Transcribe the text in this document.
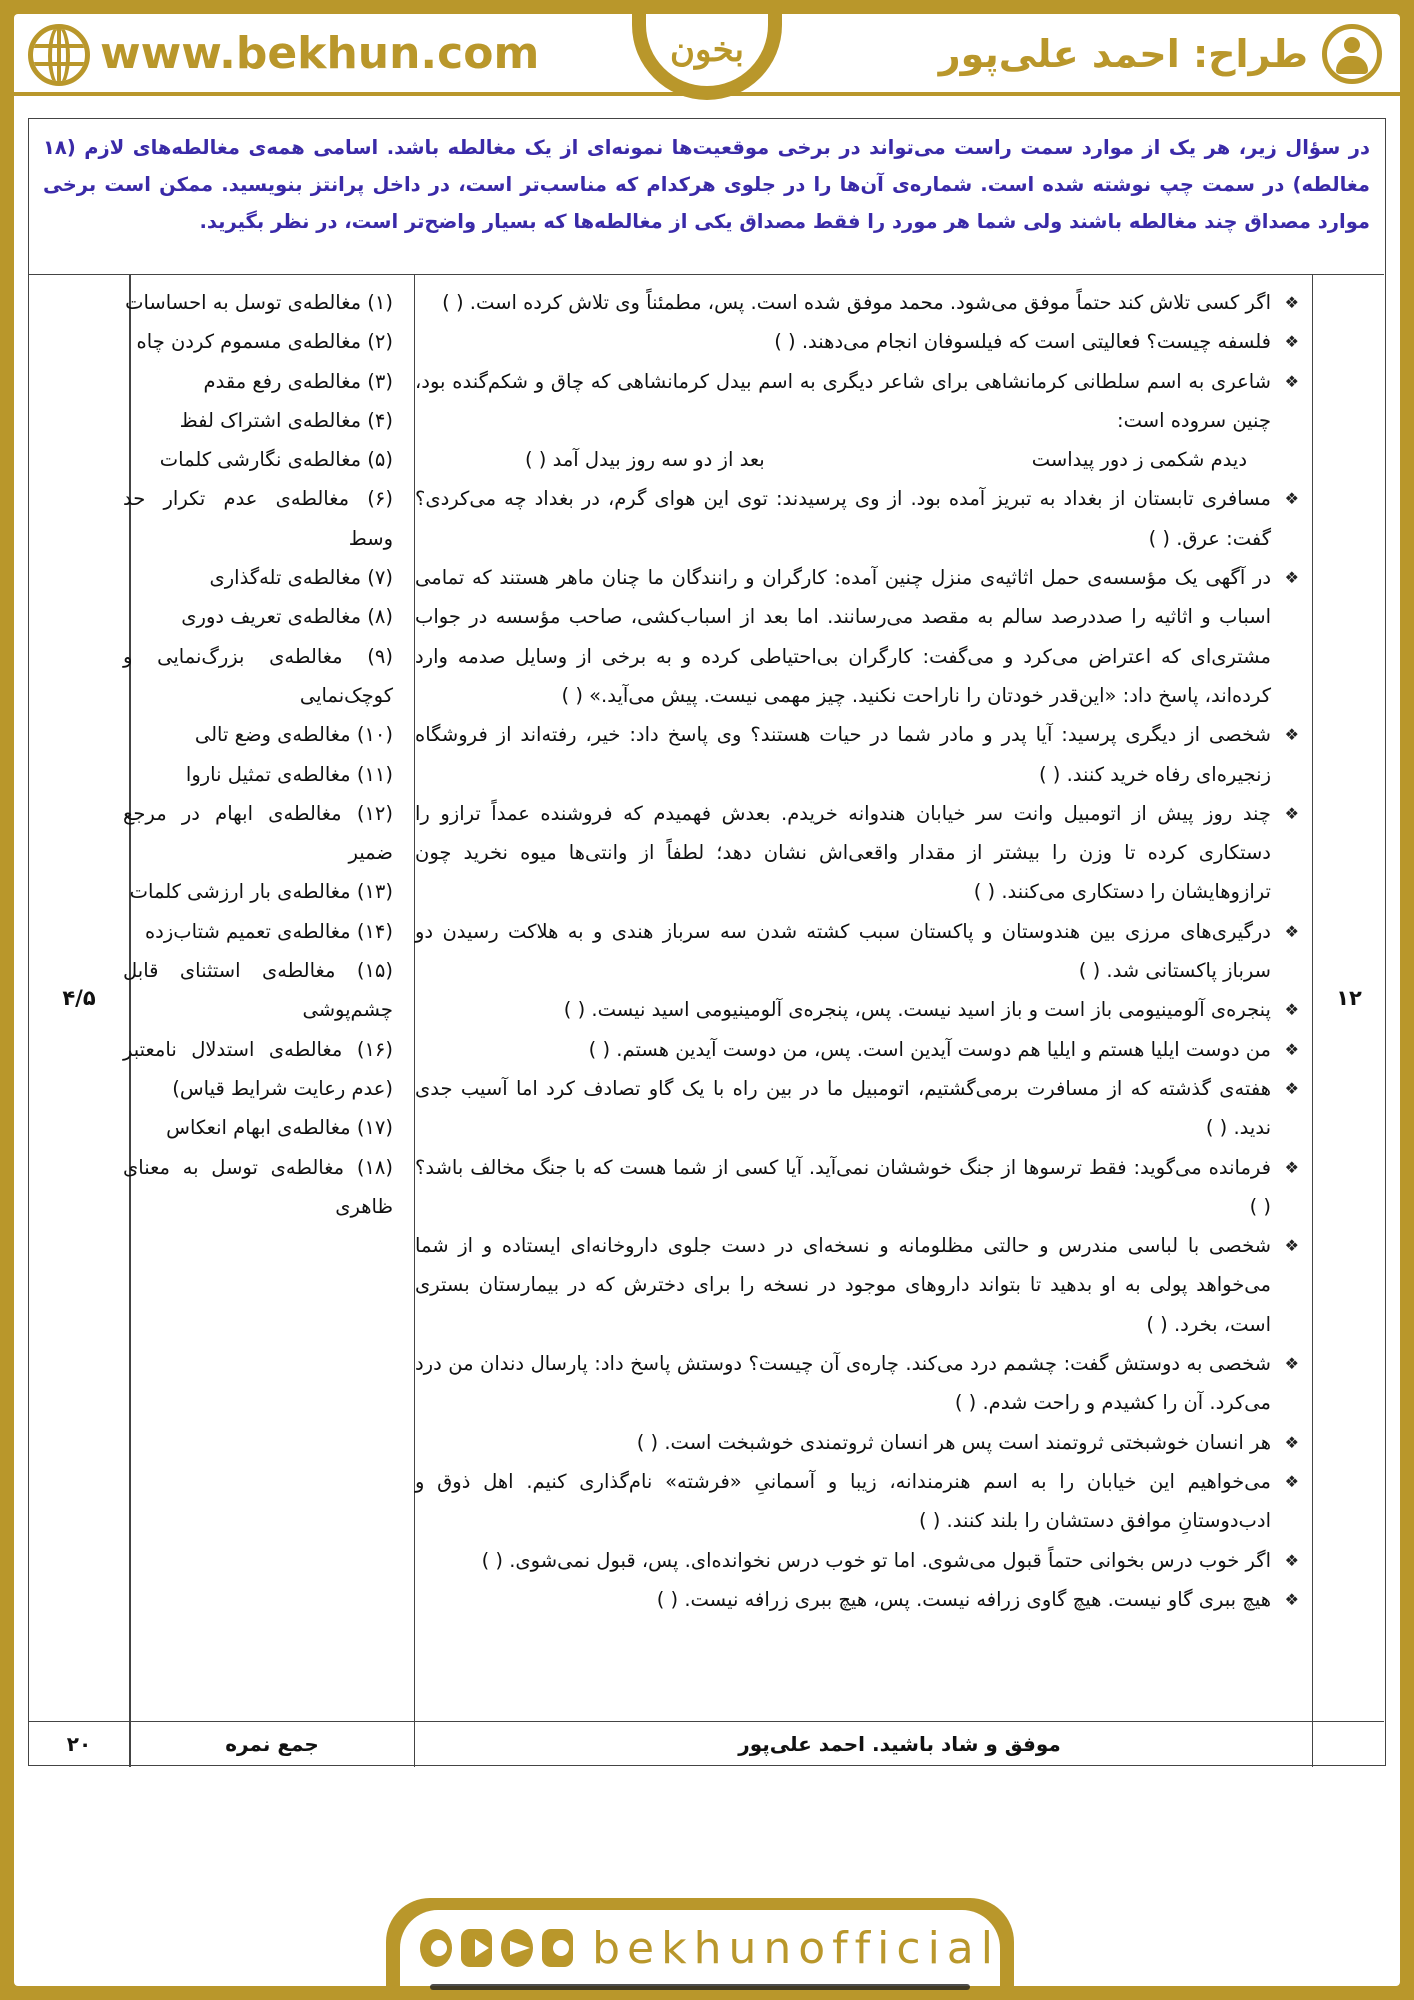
طراح: احمد علی‌پور
بخون
www.bekhun.com
در سؤال زیر، هر یک از موارد سمت راست می‌تواند در برخی موقعیت‌ها نمونه‌ای از یک مغالطه باشد. اسامی همه‌ی مغالطه‌های لازم (۱۸ مغالطه) در سمت چپ نوشته شده است. شماره‌ی آن‌ها را در جلوی هرکدام که مناسب‌تر است، در داخل پرانتز بنویسید. ممکن است برخی موارد مصداق چند مغالطه باشند ولی شما هر مورد را فقط مصداق یکی از مغالطه‌ها که بسیار واضح‌تر است، در نظر بگیرید.
۱۲
۴/۵
❖
اگر کسی تلاش کند حتماً موفق می‌شود. محمد موفق شده است. پس، مطمئناً وی تلاش کرده است. ( )
❖
فلسفه چیست؟ فعالیتی است که فیلسوفان انجام می‌دهند. ( )
❖
شاعری به اسم سلطانی کرمانشاهی برای شاعر دیگری به اسم بیدل کرمانشاهی که چاق و شکم‌گنده بود، چنین سروده است:
دیدم شکمی ز دور پیداست
بعد از دو سه روز بیدل آمد ( )
❖
مسافری تابستان از بغداد به تبریز آمده بود. از وی پرسیدند: توی این هوای گرم، در بغداد چه می‌کردی؟ گفت: عرق. ( )
❖
در آگهی یک مؤسسه‌ی حمل اثاثیه‌ی منزل چنین آمده: کارگران و رانندگان ما چنان ماهر هستند که تمامی اسباب و اثاثیه را صددرصد سالم به مقصد می‌رسانند. اما بعد از اسباب‌کشی، صاحب مؤسسه در جواب مشتری‌ای که اعتراض می‌کرد و می‌گفت: کارگران بی‌احتیاطی کرده و به برخی از وسایل صدمه وارد کرده‌اند، پاسخ داد: «این‌قدر خودتان را ناراحت نکنید. چیز مهمی نیست. پیش می‌آید.» ( )
❖
شخصی از دیگری پرسید: آیا پدر و مادر شما در حیات هستند؟ وی پاسخ داد: خیر، رفته‌اند از فروشگاه زنجیره‌ای رفاه خرید کنند. ( )
❖
چند روز پیش از اتومبیل وانت سر خیابان هندوانه خریدم. بعدش فهمیدم که فروشنده عمداً ترازو را دستکاری کرده تا وزن را بیشتر از مقدار واقعی‌اش نشان دهد؛ لطفاً از وانتی‌ها میوه نخرید چون ترازوهایشان را دستکاری می‌کنند. ( )
❖
درگیری‌های مرزی بین هندوستان و پاکستان سبب کشته شدن سه سرباز هندی و به هلاکت رسیدن دو سرباز پاکستانی شد. ( )
❖
پنجره‌ی آلومینیومی باز است و باز اسید نیست. پس، پنجره‌ی آلومینیومی اسید نیست. ( )
❖
من دوست ایلیا هستم و ایلیا هم دوست آیدین است. پس، من دوست آیدین هستم. ( )
❖
هفته‌ی گذشته که از مسافرت برمی‌گشتیم، اتومبیل ما در بین راه با یک گاو تصادف کرد اما آسیب جدی ندید. ( )
❖
فرمانده می‌گوید: فقط ترسوها از جنگ خوششان نمی‌آید. آیا کسی از شما هست که با جنگ مخالف باشد؟ ( )
❖
شخصی با لباسی مندرس و حالتی مظلومانه و نسخه‌ای در دست جلوی داروخانه‌ای ایستاده و از شما می‌خواهد پولی به او بدهید تا بتواند داروهای موجود در نسخه را برای دخترش که در بیمارستان بستری است، بخرد. ( )
❖
شخصی به دوستش گفت: چشمم درد می‌کند. چاره‌ی آن چیست؟ دوستش پاسخ داد: پارسال دندان من درد می‌کرد. آن را کشیدم و راحت شدم. ( )
❖
هر انسان خوشبختی ثروتمند است پس هر انسان ثروتمندی خوشبخت است. ( )
❖
می‌خواهیم این خیابان را به اسم هنرمندانه، زیبا و آسمانیِ «فرشته» نام‌گذاری کنیم. اهل ذوق و ادب‌دوستانِ موافق دستشان را بلند کنند. ( )
❖
اگر خوب درس بخوانی حتماً قبول می‌شوی. اما تو خوب درس نخوانده‌ای. پس، قبول نمی‌شوی. ( )
❖
هیچ ببری گاو نیست. هیچ گاوی زرافه نیست. پس، هیچ ببری زرافه نیست. ( )
(۱) مغالطه‌ی توسل به احساسات
(۲) مغالطه‌ی مسموم کردن چاه
(۳) مغالطه‌ی رفع مقدم
(۴) مغالطه‌ی اشتراک لفظ
(۵) مغالطه‌ی نگارشی کلمات
(۶) مغالطه‌ی عدم تکرار حد وسط
(۷) مغالطه‌ی تله‌گذاری
(۸) مغالطه‌ی تعریف دوری
(۹) مغالطه‌ی بزرگ‌نمایی و کوچک‌نمایی
(۱۰) مغالطه‌ی وضع تالی
(۱۱) مغالطه‌ی تمثیل ناروا
(۱۲) مغالطه‌ی ابهام در مرجع ضمیر
(۱۳) مغالطه‌ی بار ارزشی کلمات
(۱۴) مغالطه‌ی تعمیم شتاب‌زده
(۱۵) مغالطه‌ی استثنای قابل چشم‌پوشی
(۱۶) مغالطه‌ی استدلال نامعتبر (عدم رعایت شرایط قیاس)
(۱۷) مغالطه‌ی ابهام انعکاس
(۱۸) مغالطه‌ی توسل به معنای ظاهری
موفق و شاد باشید. احمد علی‌پور
جمع نمره
۲۰
bekhunofficial
